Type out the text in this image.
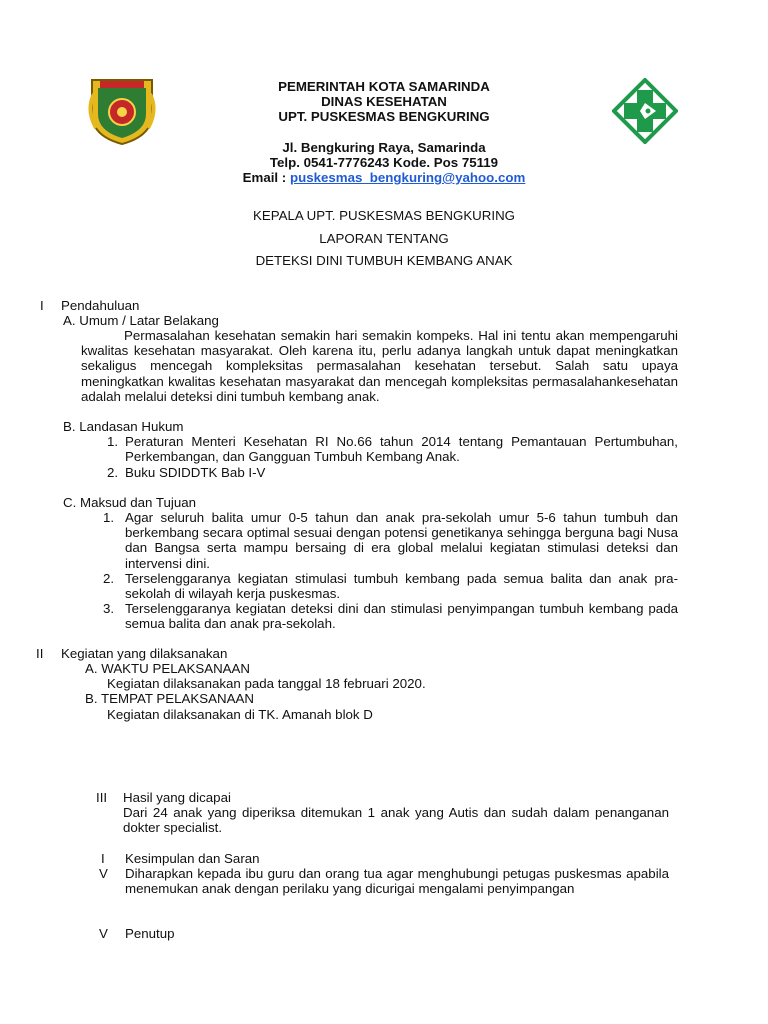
PEMERINTAH KOTA SAMARINDA
DINAS KESEHATAN
UPT. PUSKESMAS BENGKURING
Jl. Bengkuring Raya, Samarinda
Telp. 0541-7776243 Kode. Pos 75119
Email : puskesmas_bengkuring@yahoo.com
KEPALA UPT. PUSKESMAS BENGKURING
LAPORAN TENTANG
DETEKSI DINI TUMBUH KEMBANG ANAK
I Pendahuluan
A. Umum / Latar Belakang
Permasalahan kesehatan semakin hari semakin kompeks. Hal ini tentu akan mempengaruhi kwalitas kesehatan masyarakat. Oleh karena itu, perlu adanya langkah untuk dapat meningkatkan sekaligus mencegah kompleksitas permasalahan kesehatan tersebut. Salah satu upaya meningkatkan kwalitas kesehatan masyarakat dan mencegah kompleksitas permasalahankesehatan adalah melalui deteksi dini tumbuh kembang anak.
B. Landasan Hukum
1. Peraturan Menteri Kesehatan RI No.66 tahun 2014 tentang Pemantauan Pertumbuhan, Perkembangan, dan Gangguan Tumbuh Kembang Anak.
2. Buku SDIDDTK Bab I-V
C. Maksud dan Tujuan
1. Agar seluruh balita umur 0-5 tahun dan anak pra-sekolah umur 5-6 tahun tumbuh dan berkembang secara optimal sesuai dengan potensi genetikanya sehingga berguna bagi Nusa dan Bangsa serta mampu bersaing di era global melalui kegiatan stimulasi deteksi dan intervensi dini.
2. Terselenggaranya kegiatan stimulasi tumbuh kembang pada semua balita dan anak pra-sekolah di wilayah kerja puskesmas.
3. Terselenggaranya kegiatan deteksi dini dan stimulasi penyimpangan tumbuh kembang pada semua balita dan anak pra-sekolah.
II Kegiatan yang dilaksanakan
A. WAKTU PELAKSANAAN
Kegiatan dilaksanakan pada tanggal 18 februari 2020.
B. TEMPAT PELAKSANAAN
Kegiatan dilaksanakan di TK. Amanah blok D
III Hasil yang dicapai
Dari 24 anak yang diperiksa ditemukan 1 anak yang Autis dan sudah dalam penanganan dokter specialist.
I
V
Kesimpulan dan Saran
Diharapkan kepada ibu guru dan orang tua agar menghubungi petugas puskesmas apabila menemukan anak dengan perilaku yang dicurigai mengalami penyimpangan
V Penutup
